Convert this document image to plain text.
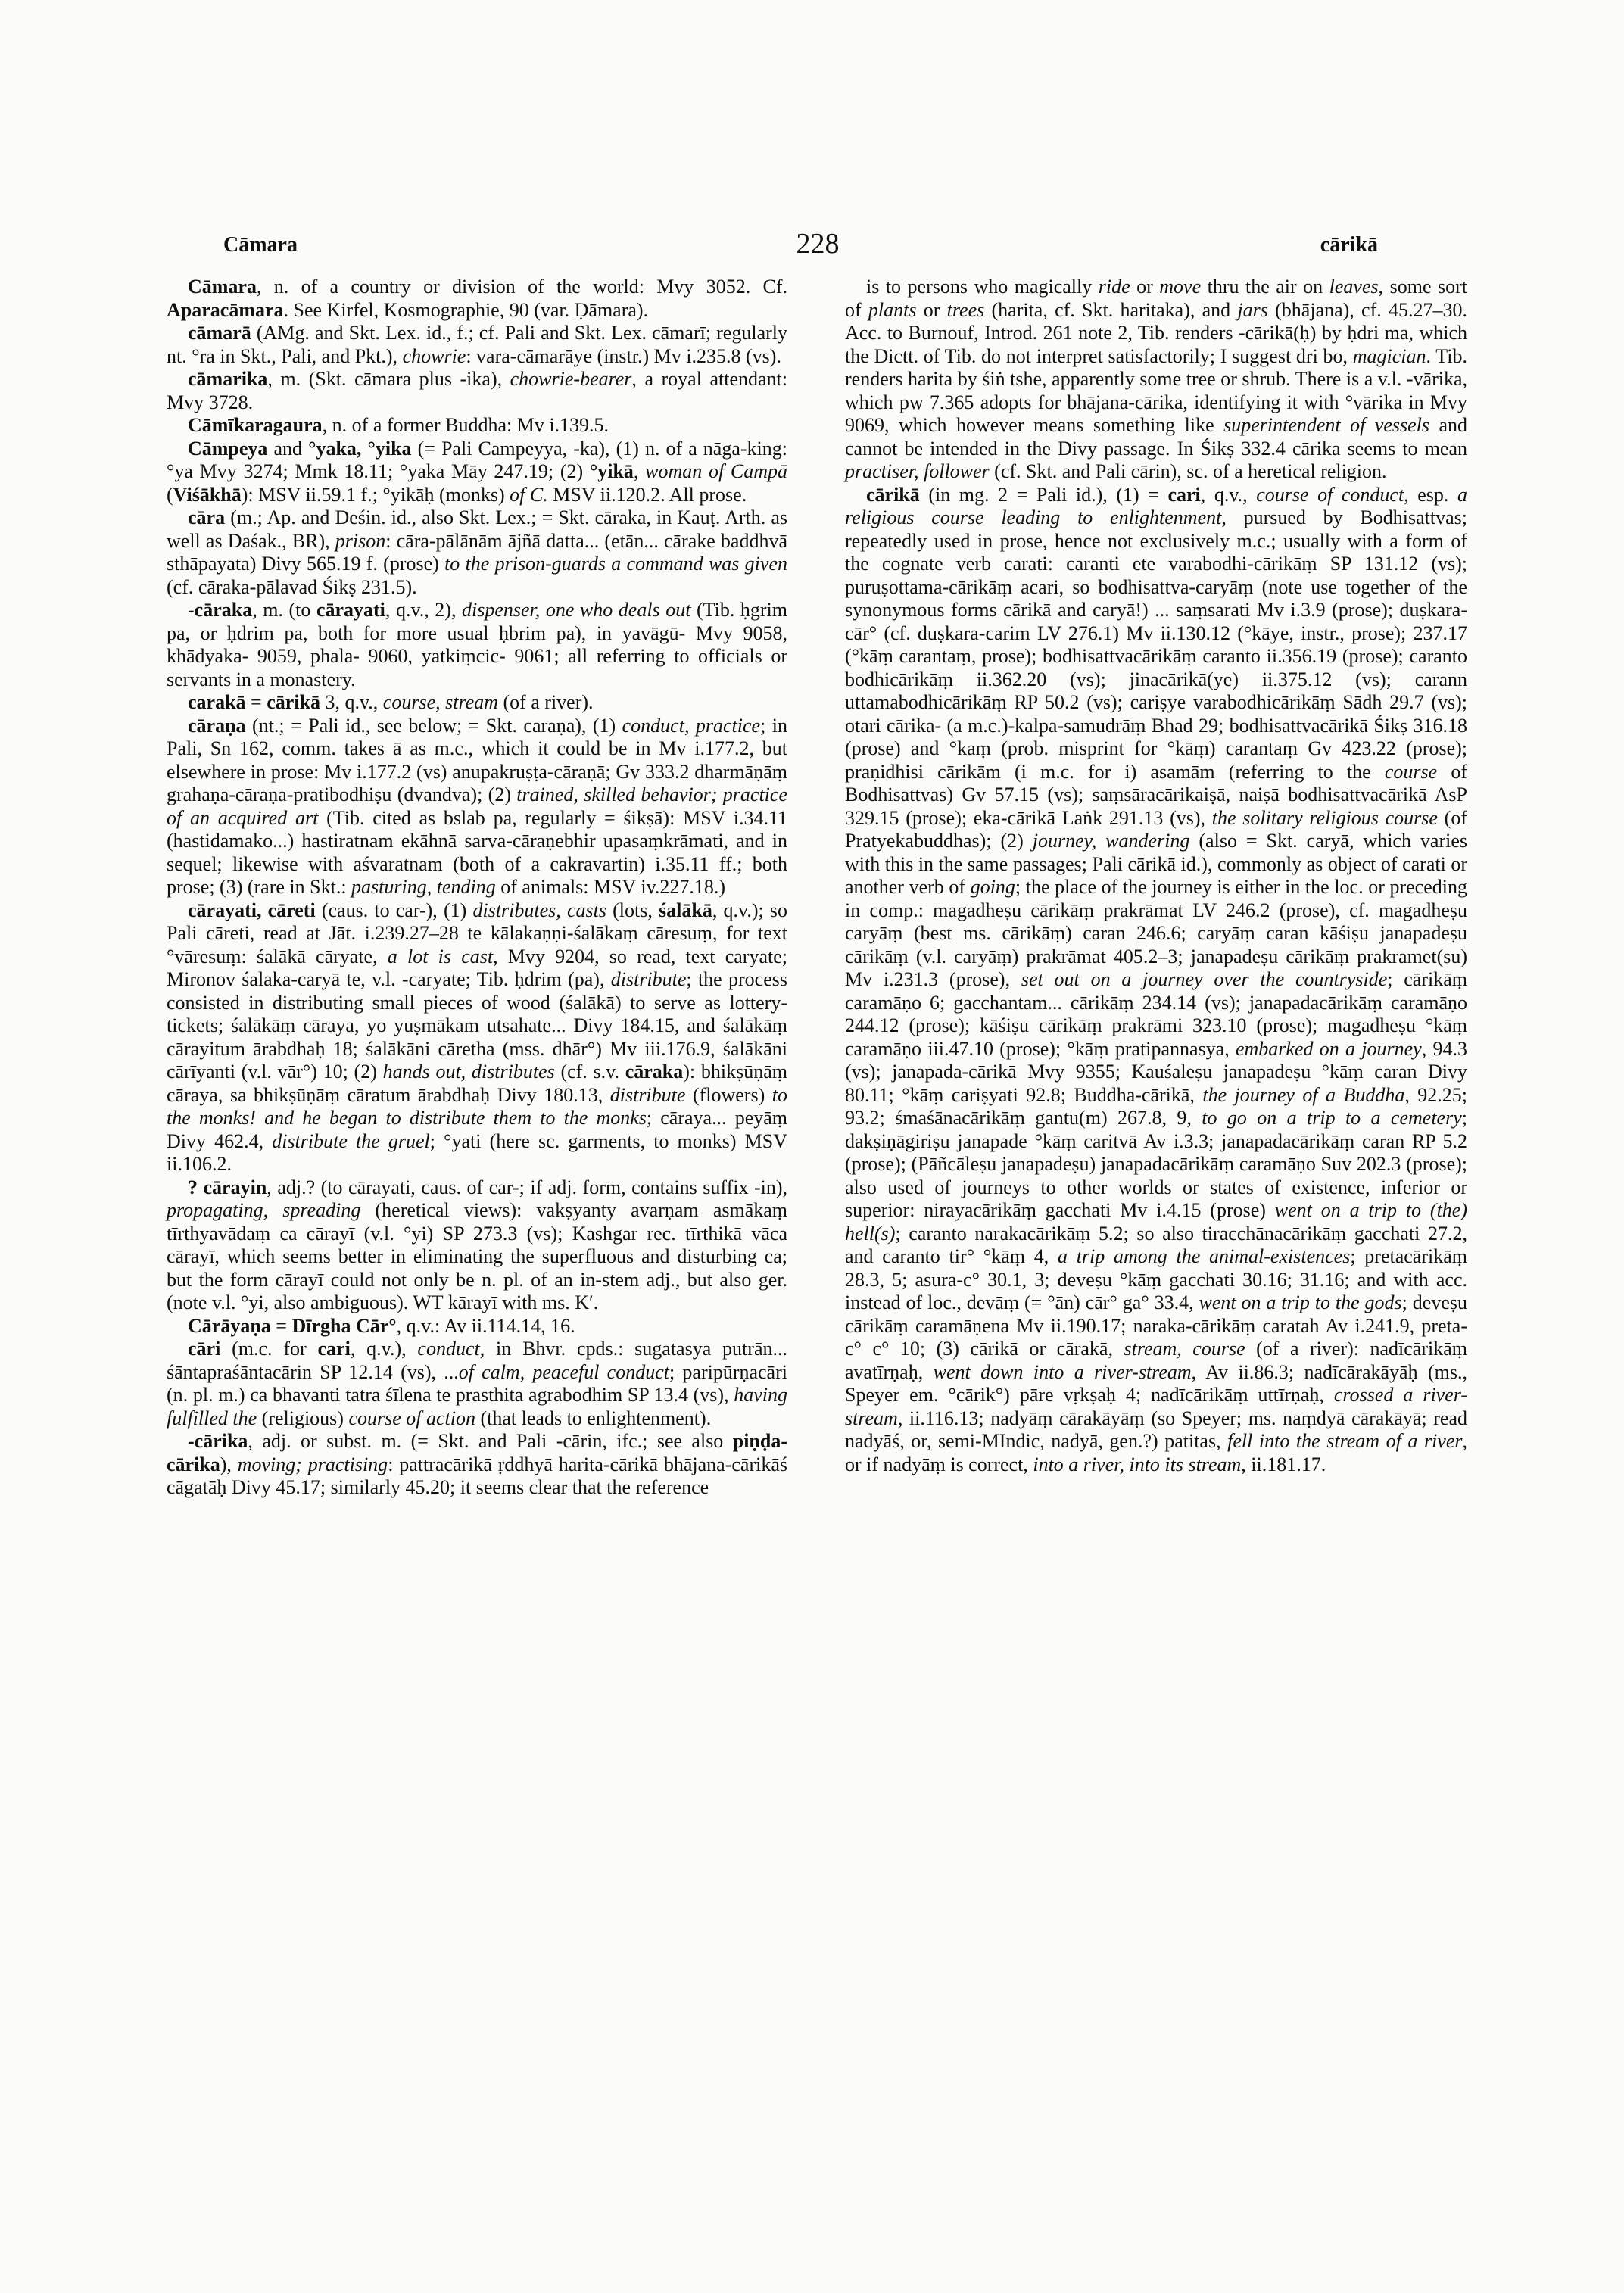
Cāmara	228	cārikā

Cāmara, n. of a country or division of the world: Mvy 3052. Cf. Aparacāmara. See Kirfel, Kosmographie, 90 (var. Ḍāmara).

cāmarā (AMg. and Skt. Lex. id., f.; cf. Pali and Skt. Lex. cāmarī; regularly nt. °ra in Skt., Pali, and Pkt.), chowrie: vara-cāmarāye (instr.) Mv i.235.8 (vs).

cāmarika, m. (Skt. cāmara plus -ika), chowrie-bearer, a royal attendant: Mvy 3728.

Cāmīkaragaura, n. of a former Buddha: Mv i.139.5.

Cāmpeya and °yaka, °yika (= Pali Campeyya, -ka), (1) n. of a nāga-king: °ya Mvy 3274; Mmk 18.11; °yaka Māy 247.19; (2) °yikā, woman of Campā (Viśākhā): MSV ii.59.1 f.; °yikāḥ (monks) of C. MSV ii.120.2. All prose.

cāra (m.; Ap. and Deśin. id., also Skt. Lex.; = Skt. cāraka, in Kauṭ. Arth. as well as Daśak., BR), prison: cāra-pālānām ājñā datta... (etān... cārake baddhvā sthāpayata) Divy 565.19 f. (prose) to the prison-guards a command was given (cf. cāraka-pālavad Śikṣ 231.5).

-cāraka, m. (to cārayati, q.v., 2), dispenser, one who deals out (Tib. ḥgrim pa, or ḥdrim pa, both for more usual ḥbrim pa), in yavāgū- Mvy 9058, khādyaka- 9059, phala- 9060, yatkiṃcic- 9061; all referring to officials or servants in a monastery.

carakā = cārikā 3, q.v., course, stream (of a river).

cāraṇa (nt.; = Pali id., see below; = Skt. caraṇa), (1) conduct, practice; in Pali, Sn 162, comm. takes ā as m.c., which it could be in Mv i.177.2, but elsewhere in prose: Mv i.177.2 (vs) anupakruṣṭa-cāraṇā; Gv 333.2 dharmāṇāṃ grahaṇa-cāraṇa-pratibodhiṣu (dvandva); (2) trained, skilled behavior; practice of an acquired art (Tib. cited as bslab pa, regularly = śikṣā): MSV i.34.11 (hastidamako...) hastiratnam ekāhnā sarva-cāraṇebhir upasaṃkrāmati, and in sequel; likewise with aśvaratnam (both of a cakravartin) i.35.11 ff.; both prose; (3) (rare in Skt.: pasturing, tending of animals: MSV iv.227.18.)

cārayati, cāreti (caus. to car-), (1) distributes, casts (lots, śalākā, q.v.); so Pali cāreti, read at Jāt. i.239.27–28 te kālakaṇṇi-śalākaṃ cāresuṃ, for text °vāresuṃ: śalākā cāryate, a lot is cast, Mvy 9204, so read, text caryate; Mironov śalaka-caryā te, v.l. -caryate; Tib. ḥdrim (pa), distribute; the process consisted in distributing small pieces of wood (śalākā) to serve as lottery-tickets; śalākāṃ cāraya, yo yuṣmākam utsahate... Divy 184.15, and śalākāṃ cārayitum ārabdhaḥ 18; śalākāni cāretha (mss. dhār°) Mv iii.176.9, śalākāni cārīyanti (v.l. vār°) 10; (2) hands out, distributes (cf. s.v. cāraka): bhikṣūṇāṃ cāraya, sa bhikṣūṇāṃ cāratum ārabdhaḥ Divy 180.13, distribute (flowers) to the monks! and he began to distribute them to the monks; cāraya... peyāṃ Divy 462.4, distribute the gruel; °yati (here sc. garments, to monks) MSV ii.106.2.

? cārayin, adj.? (to cārayati, caus. of car-; if adj. form, contains suffix -in), propagating, spreading (heretical views): vakṣyanty avarṇam asmākaṃ tīrthyavādaṃ ca cārayī (v.l. °yi) SP 273.3 (vs); Kashgar rec. tīrthikā vāca cārayī, which seems better in eliminating the superfluous and disturbing ca; but the form cārayī could not only be n. pl. of an in-stem adj., but also ger. (note v.l. °yi, also ambiguous). WT kārayī with ms. K′.

Cārāyaṇa = Dīrgha Cār°, q.v.: Av ii.114.14, 16.

cāri (m.c. for cari, q.v.), conduct, in Bhvr. cpds.: sugatasya putrān... śāntapraśāntacārin SP 12.14 (vs), ...of calm, peaceful conduct; paripūrṇacāri (n. pl. m.) ca bhavanti tatra śīlena te prasthita agrabodhim SP 13.4 (vs), having fulfilled the (religious) course of action (that leads to enlightenment).

-cārika, adj. or subst. m. (= Skt. and Pali -cārin, ifc.; see also piṇḍa-cārika), moving; practising: pattracārikā ṛddhyā harita-cārikā bhājana-cārikāś cāgatāḥ Divy 45.17; similarly 45.20; it seems clear that the reference

is to persons who magically ride or move thru the air on leaves, some sort of plants or trees (harita, cf. Skt. haritaka), and jars (bhājana), cf. 45.27–30. Acc. to Burnouf, Introd. 261 note 2, Tib. renders -cārikā(ḥ) by ḥdri ma, which the Dictt. of Tib. do not interpret satisfactorily; I suggest dri bo, magician. Tib. renders harita by śiṅ tshe, apparently some tree or shrub. There is a v.l. -vārika, which pw 7.365 adopts for bhājana-cārika, identifying it with °vārika in Mvy 9069, which however means something like superintendent of vessels and cannot be intended in the Divy passage. In Śikṣ 332.4 cārika seems to mean practiser, follower (cf. Skt. and Pali cārin), sc. of a heretical religion.

cārikā (in mg. 2 = Pali id.), (1) = cari, q.v., course of conduct, esp. a religious course leading to enlightenment, pursued by Bodhisattvas; repeatedly used in prose, hence not exclusively m.c.; usually with a form of the cognate verb carati: caranti ete varabodhi-cārikāṃ SP 131.12 (vs); puruṣottama-cārikāṃ acari, so bodhisattva-caryāṃ (note use together of the synonymous forms cārikā and caryā!) ... saṃsarati Mv i.3.9 (prose); duṣkara-cār° (cf. duṣkara-carim LV 276.1) Mv ii.130.12 (°kāye, instr., prose); 237.17 (°kāṃ carantaṃ, prose); bodhisattvacārikāṃ caranto ii.356.19 (prose); caranto bodhicārikāṃ ii.362.20 (vs); jinacārikā(ye) ii.375.12 (vs); carann uttamabodhicārikāṃ RP 50.2 (vs); cariṣye varabodhicārikāṃ Sādh 29.7 (vs); otari cārika- (a m.c.)-kalpa-samudrāṃ Bhad 29; bodhisattvacārikā Śikṣ 316.18 (prose) and °kaṃ (prob. misprint for °kāṃ) carantaṃ Gv 423.22 (prose); praṇidhisi cārikām (i m.c. for i) asamām (referring to the course of Bodhisattvas) Gv 57.15 (vs); saṃsāracārikaiṣā, naiṣā bodhisattvacārikā AsP 329.15 (prose); eka-cārikā Laṅk 291.13 (vs), the solitary religious course (of Pratyekabuddhas); (2) journey, wandering (also = Skt. caryā, which varies with this in the same passages; Pali cārikā id.), commonly as object of carati or another verb of going; the place of the journey is either in the loc. or preceding in comp.: magadheṣu cārikāṃ prakrāmat LV 246.2 (prose), cf. magadheṣu caryāṃ (best ms. cārikāṃ) caran 246.6; caryāṃ caran kāśiṣu janapadeṣu cārikāṃ (v.l. caryāṃ) prakrāmat 405.2–3; janapadeṣu cārikāṃ prakramet(su) Mv i.231.3 (prose), set out on a journey over the countryside; cārikāṃ caramāṇo 6; gacchantam... cārikāṃ 234.14 (vs); janapadacārikāṃ caramāṇo 244.12 (prose); kāśiṣu cārikāṃ prakrāmi 323.10 (prose); magadheṣu °kāṃ caramāṇo iii.47.10 (prose); °kāṃ pratipannasya, embarked on a journey, 94.3 (vs); janapada-cārikā Mvy 9355; Kauśaleṣu janapadeṣu °kāṃ caran Divy 80.11; °kāṃ cariṣyati 92.8; Buddha-cārikā, the journey of a Buddha, 92.25; 93.2; śmaśānacārikāṃ gantu(m) 267.8, 9, to go on a trip to a cemetery; dakṣiṇāgiriṣu janapade °kāṃ caritvā Av i.3.3; janapadacārikāṃ caran RP 5.2 (prose); (Pāñcāleṣu janapadeṣu) janapadacārikāṃ caramāṇo Suv 202.3 (prose); also used of journeys to other worlds or states of existence, inferior or superior: nirayacārikāṃ gacchati Mv i.4.15 (prose) went on a trip to (the) hell(s); caranto narakacārikāṃ 5.2; so also tiracchānacārikāṃ gacchati 27.2, and caranto tir° °kāṃ 4, a trip among the animal-existences; pretacārikāṃ 28.3, 5; asura-c° 30.1, 3; deveṣu °kāṃ gacchati 30.16; 31.16; and with acc. instead of loc., devāṃ (= °ān) cār° ga° 33.4, went on a trip to the gods; deveṣu cārikāṃ caramāṇena Mv ii.190.17; naraka-cārikāṃ caratah Av i.241.9, preta-c° c° 10; (3) cārikā or cārakā, stream, course (of a river): nadīcārikāṃ avatīrṇaḥ, went down into a river-stream, Av ii.86.3; nadīcārakāyāḥ (ms., Speyer em. °cārik°) pāre vṛkṣaḥ 4; nadīcārikāṃ uttīrṇaḥ, crossed a river-stream, ii.116.13; nadyāṃ cārakāyāṃ (so Speyer; ms. naṃdyā cārakāyā; read nadyāś, or, semi-MIndic, nadyā, gen.?) patitas, fell into the stream of a river, or if nadyāṃ is correct, into a river, into its stream, ii.181.17.
